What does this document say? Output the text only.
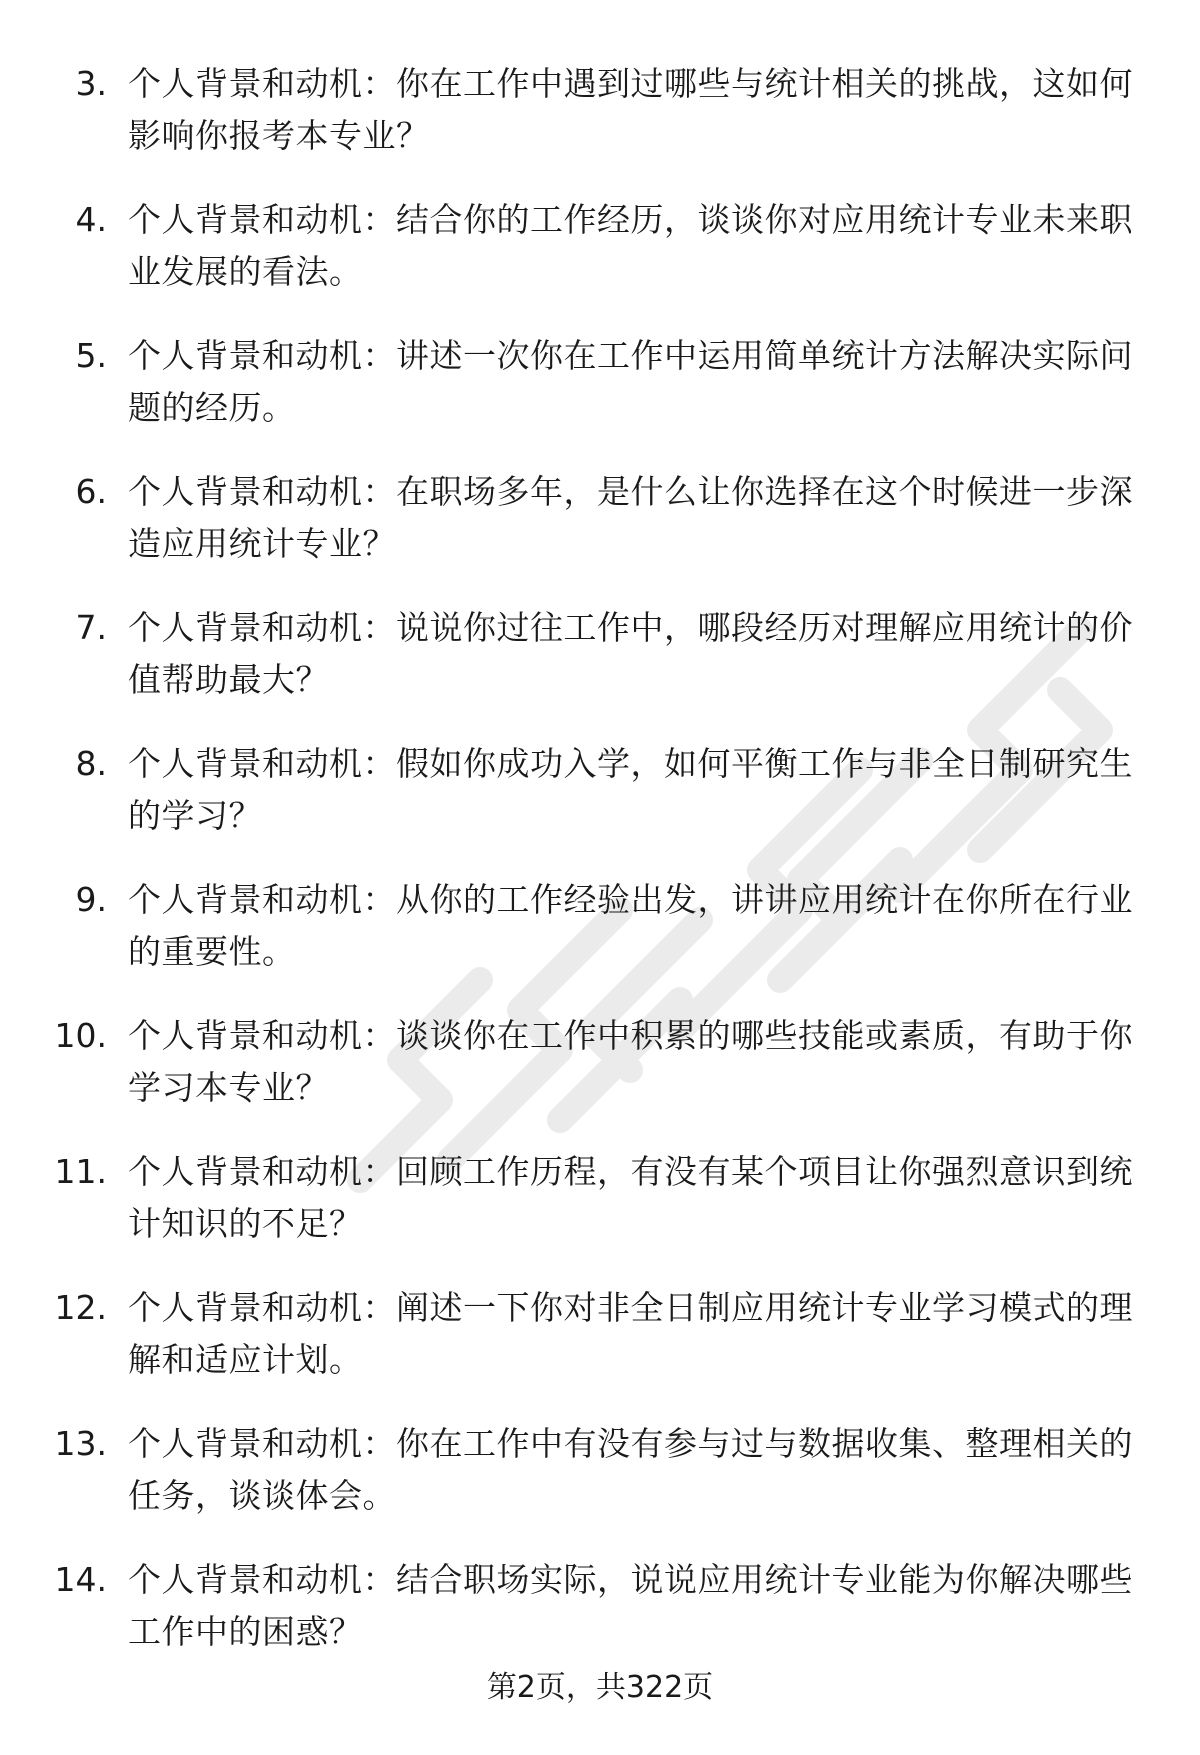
3. 个人背景和动机：你在工作中遇到过哪些与统计相关的挑战，这如何影响你报考本专业？
4. 个人背景和动机：结合你的工作经历，谈谈你对应用统计专业未来职业发展的看法。
5. 个人背景和动机：讲述一次你在工作中运用简单统计方法解决实际问题的经历。
6. 个人背景和动机：在职场多年，是什么让你选择在这个时候进一步深造应用统计专业？
7. 个人背景和动机：说说你过往工作中，哪段经历对理解应用统计的价值帮助最大？
8. 个人背景和动机：假如你成功入学，如何平衡工作与非全日制研究生的学习？
9. 个人背景和动机：从你的工作经验出发，讲讲应用统计在你所在行业的重要性。
10. 个人背景和动机：谈谈你在工作中积累的哪些技能或素质，有助于你学习本专业？
11. 个人背景和动机：回顾工作历程，有没有某个项目让你强烈意识到统计知识的不足？
12. 个人背景和动机：阐述一下你对非全日制应用统计专业学习模式的理解和适应计划。
13. 个人背景和动机：你在工作中有没有参与过与数据收集、整理相关的任务，谈谈体会。
14. 个人背景和动机：结合职场实际，说说应用统计专业能为你解决哪些工作中的困惑？
第2页，共322页
